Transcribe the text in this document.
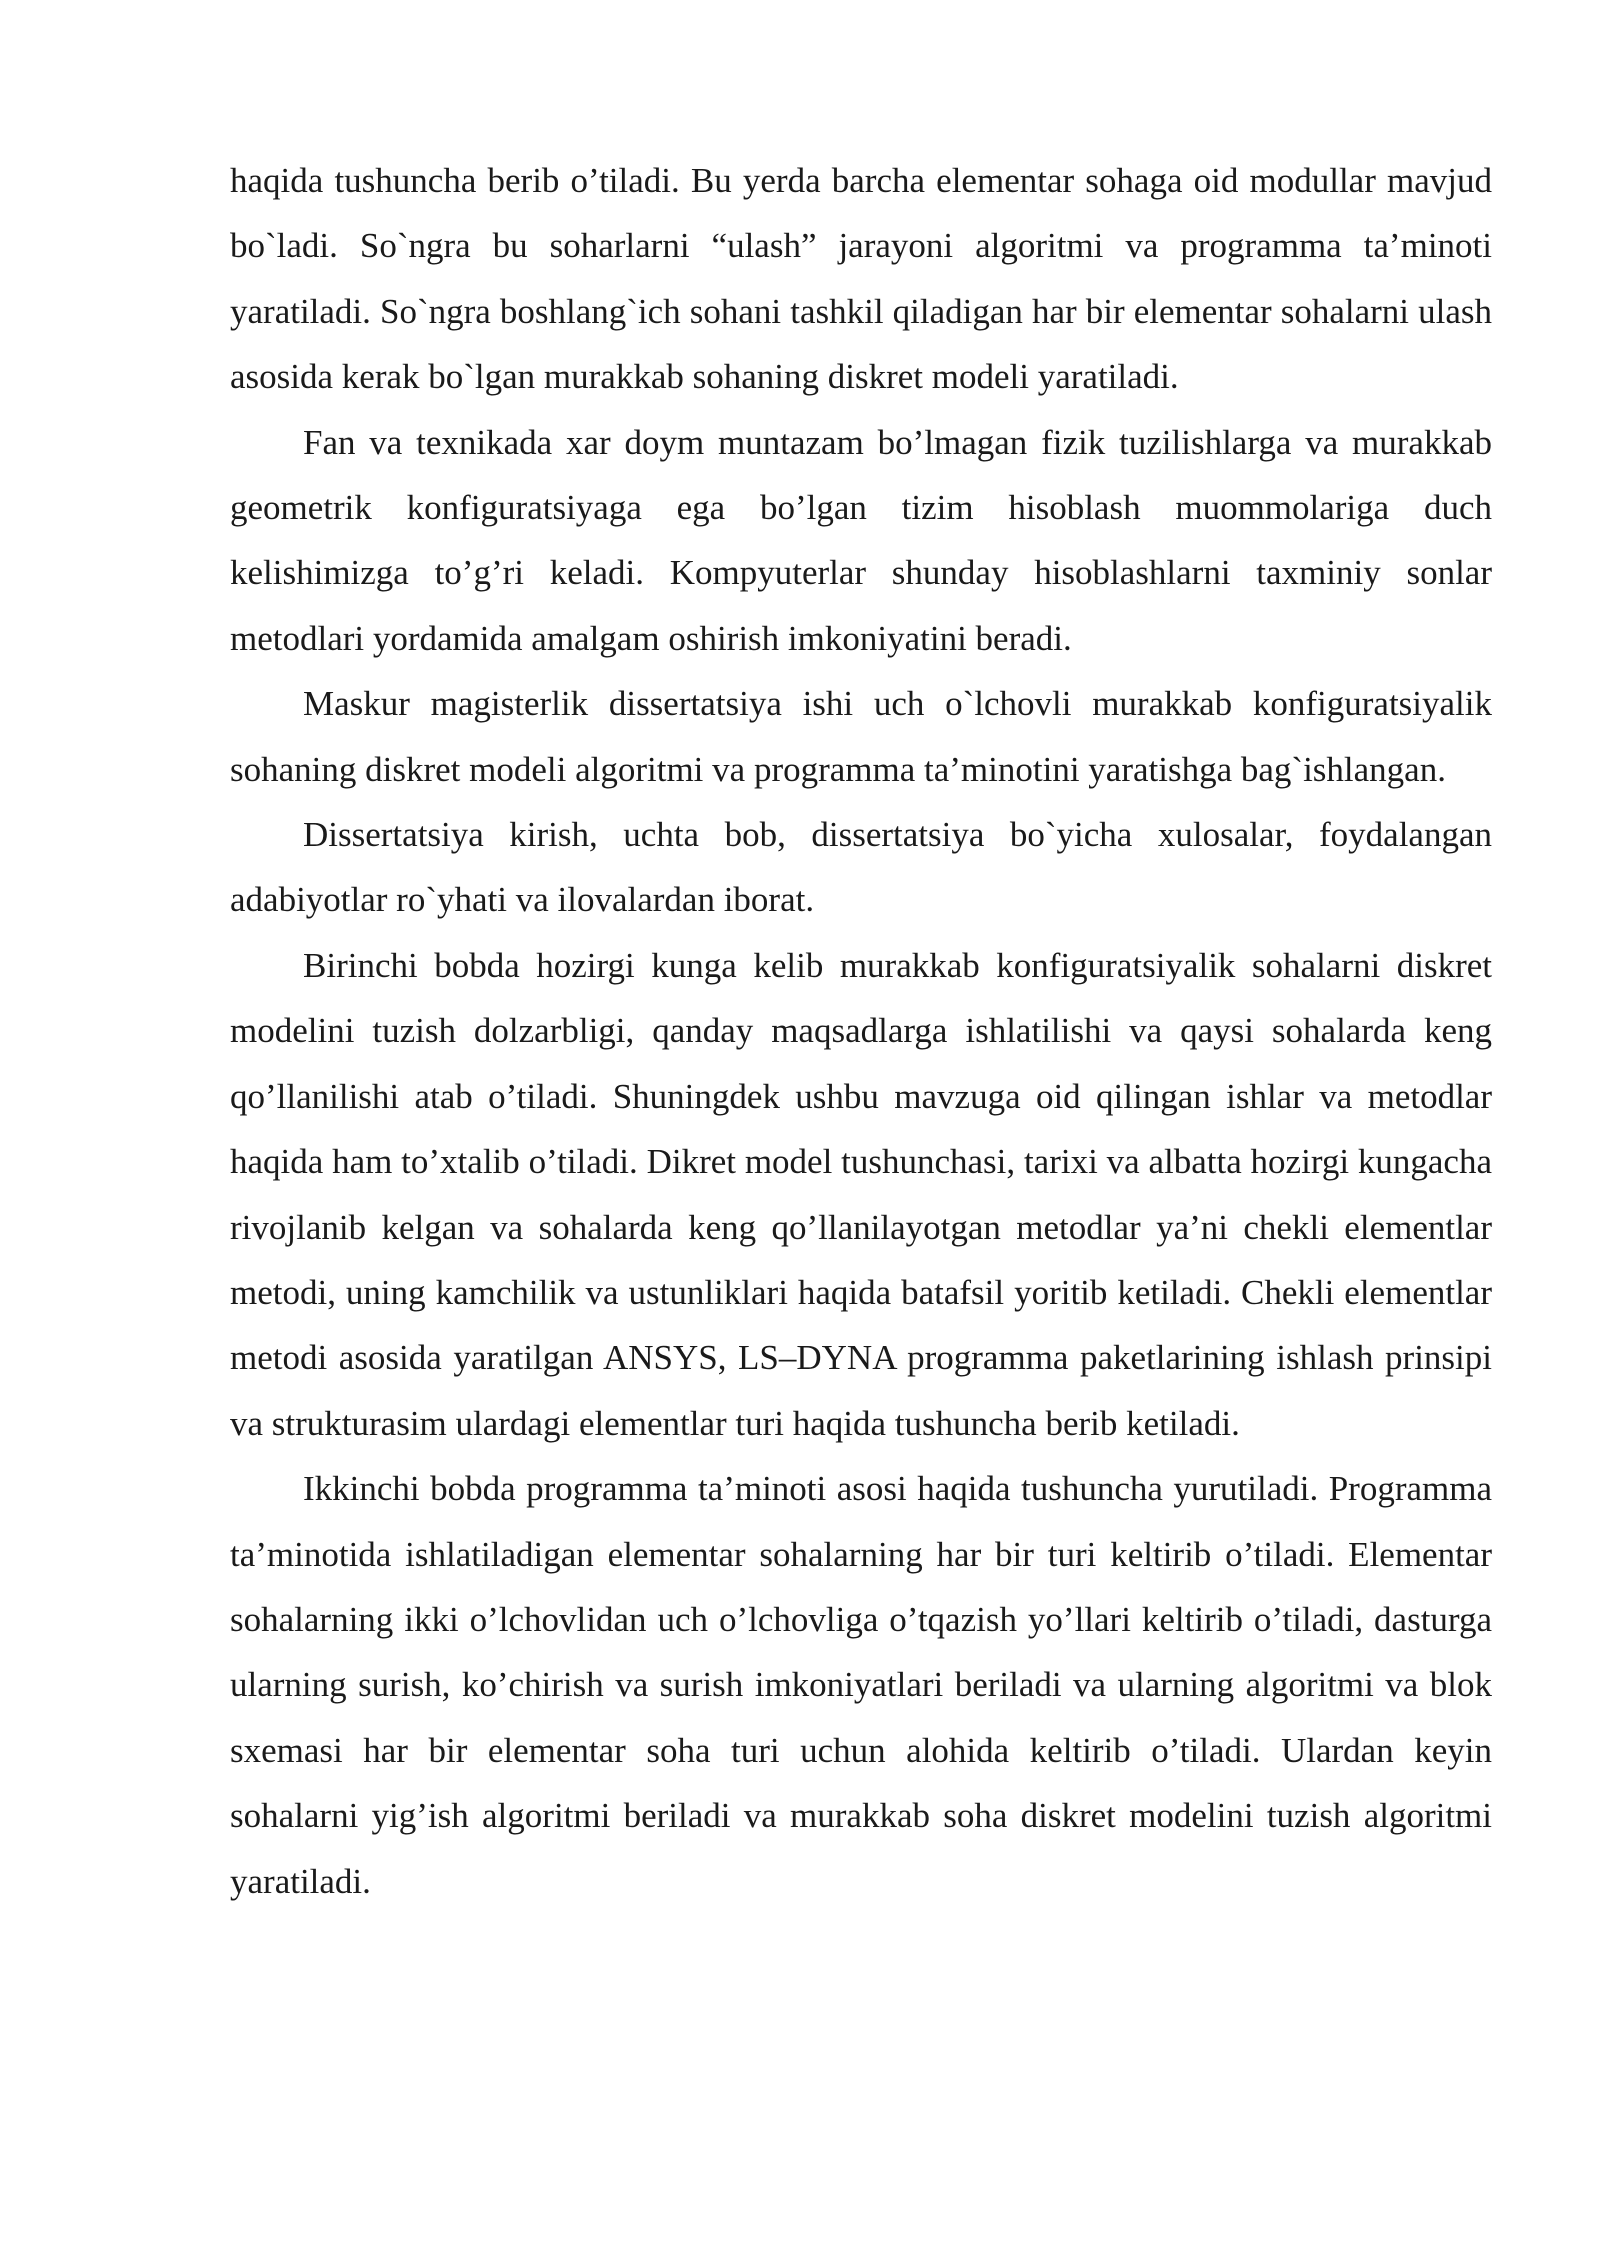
haqida tushuncha berib o’tiladi. Bu yerda barcha elementar sohaga oid modullar mavjud bo`ladi. So`ngra bu soharlarni “ulash” jarayoni algoritmi va programma ta’minoti yaratiladi. So`ngra boshlang`ich sohani tashkil qiladigan har bir elementar sohalarni ulash asosida kerak bo`lgan murakkab sohaning diskret modeli yaratiladi.

Fan va texnikada xar doym muntazam bo’lmagan fizik tuzilishlarga va murakkab geometrik konfiguratsiyaga ega bo’lgan tizim hisoblash muommolariga duch kelishimizga to’g’ri keladi. Kompyuterlar shunday hisoblashlarni taxminiy sonlar metodlari yordamida amalgam oshirish imkoniyatini beradi.

Maskur magisterlik dissertatsiya ishi uch o`lchovli murakkab konfiguratsiyalik sohaning diskret modeli algoritmi va programma ta’minotini yaratishga bag`ishlangan.

Dissertatsiya kirish, uchta bob, dissertatsiya bo`yicha xulosalar, foydalangan adabiyotlar ro`yhati va ilovalardan iborat.

Birinchi bobda hozirgi kunga kelib murakkab konfiguratsiyalik sohalarni diskret modelini tuzish dolzarbligi, qanday maqsadlarga ishlatilishi va qaysi sohalarda keng qo’llanilishi atab o’tiladi. Shuningdek ushbu mavzuga oid qilingan ishlar va metodlar haqida ham to’xtalib o’tiladi. Dikret model tushunchasi, tarixi va albatta hozirgi kungacha rivojlanib kelgan va sohalarda keng qo’llanilayotgan metodlar ya’ni chekli elementlar metodi, uning kamchilik va ustunliklari haqida batafsil yoritib ketiladi. Chekli elementlar metodi asosida yaratilgan ANSYS, LS–DYNA programma paketlarining ishlash prinsipi va strukturasim ulardagi elementlar turi haqida tushuncha berib ketiladi.

Ikkinchi bobda programma ta’minoti asosi haqida tushuncha yurutiladi. Programma ta’minotida ishlatiladigan elementar sohalarning har bir turi keltirib o’tiladi. Elementar sohalarning ikki o’lchovlidan uch o’lchovliga o’tqazish yo’llari keltirib o’tiladi, dasturga ularning surish, ko’chirish va surish imkoniyatlari beriladi va ularning algoritmi va blok sxemasi har bir elementar soha turi uchun alohida keltirib o’tiladi. Ulardan keyin sohalarni yig’ish algoritmi beriladi va murakkab soha diskret modelini tuzish algoritmi yaratiladi.
